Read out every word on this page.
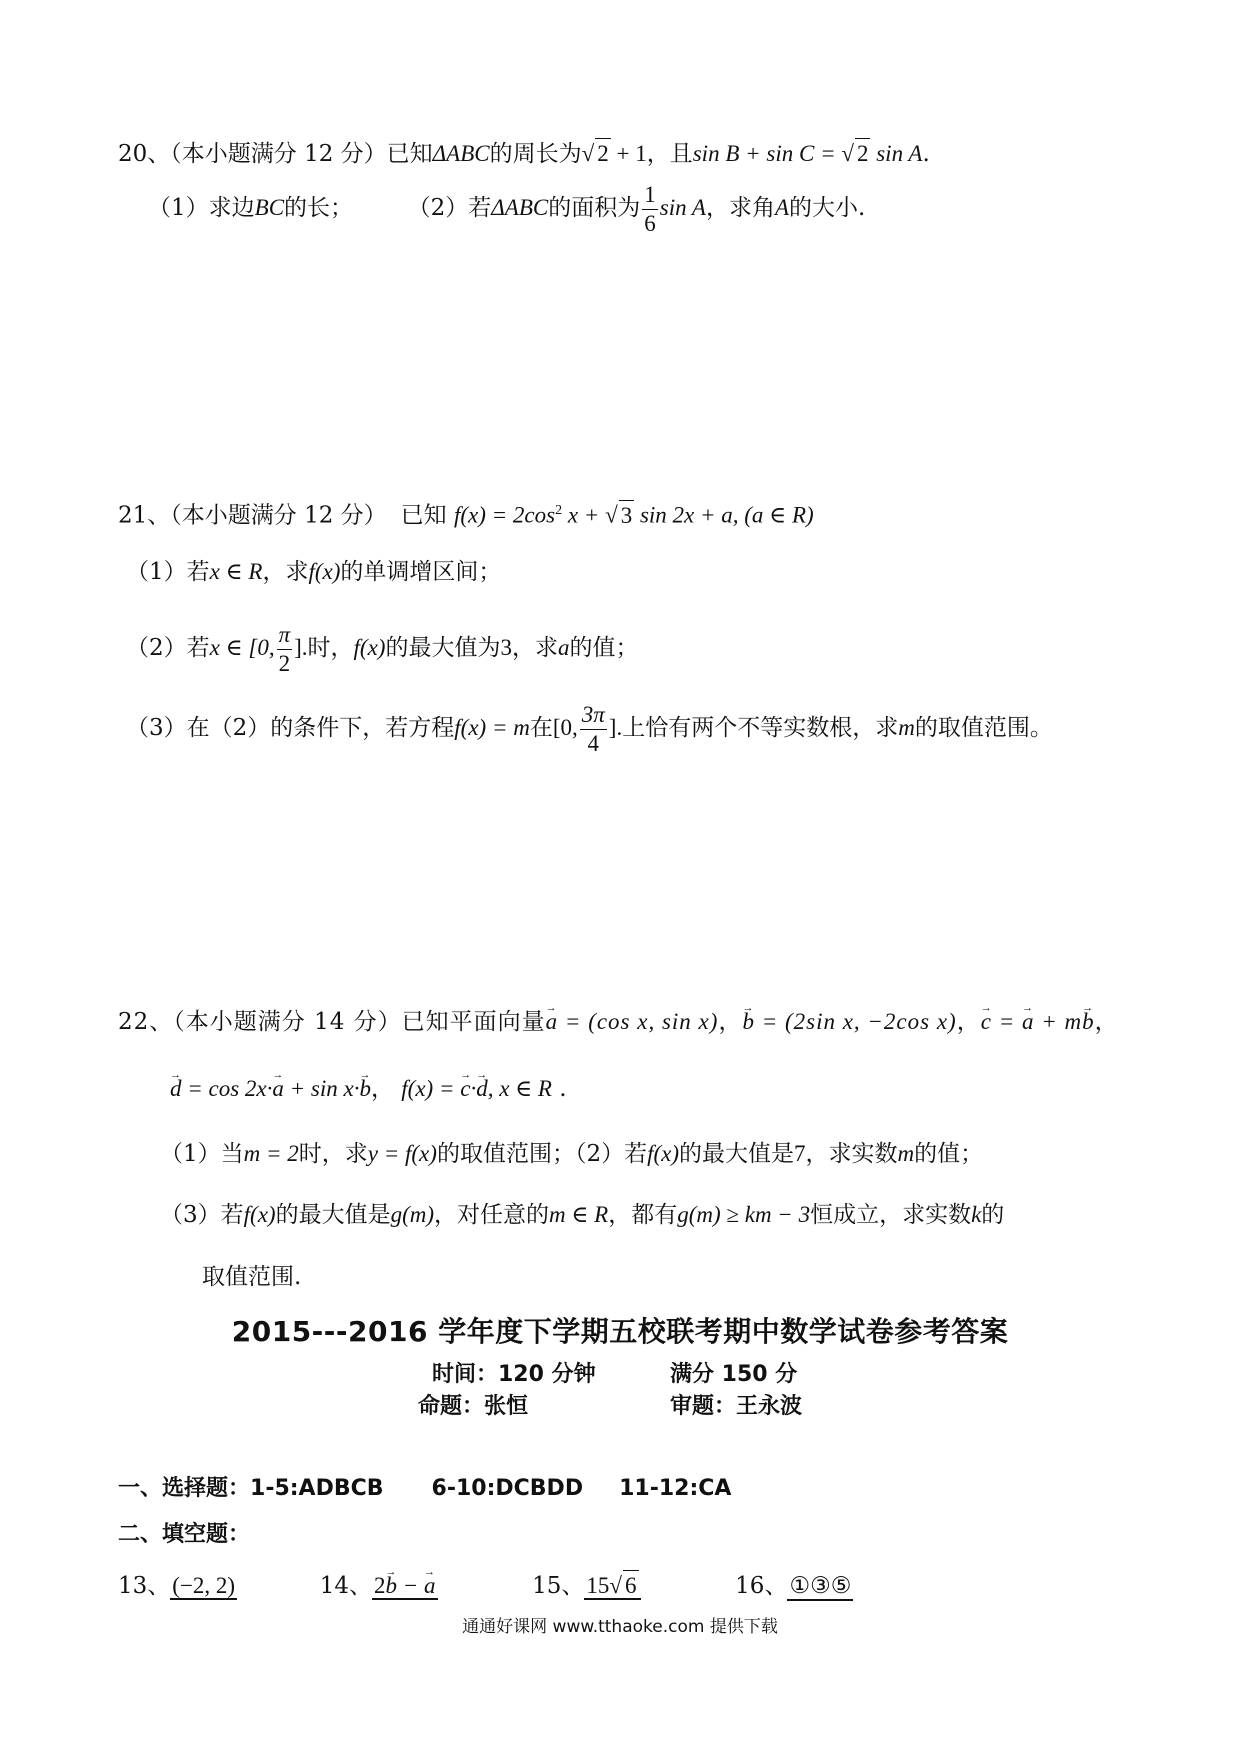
20、（本小题满分 12 分）已知ΔABC的周长为√ 2 + 1，且sin B + sin C = √ 2 sin A.
（1）求边BC的长； （2）若ΔABC的面积为 $\frac{1}{6}$ sin A，求角A的大小.
21、（本小题满分 12 分） 已知 $f(x) = 2\cos^2$ x + √ 3 sin 2x + a, (a ∈ R)
（1）若x ∈ R，求f(x)的单调增区间；
（2）若x ∈ [0, $\frac{\pi}{2}$ ].时，f(x)的最大值为3，求a的值；
（3）在（2）的条件下，若方程f(x) = m在[0, $\frac{3\pi}{4}$ ].上恰有两个不等实数根，求m的取值范围。
22、（本小题满分 14 分）已知平面向量→ a = (cos x, sin x)，→ b = (2sin x, −2cos x)，→ c = → a + m→ b，
→ d = cos 2x·→ a + sin x·→ b， f(x) = → c·→ d, x ∈ R .
（1）当m = 2时，求y = f(x)的取值范围；（2）若f(x)的最大值是7，求实数m的值；
（3）若f(x)的最大值是g(m)，对任意的m ∈ R，都有g(m) ≥ km − 3恒成立，求实数k的
取值范围.
2015---2016 学年度下学期五校联考期中数学试卷参考答案
时间：120 分钟	满分 150 分
命题：张恒	审题：王永波
一、选择题：1-5:ADBCB 6-10:DCBDD 11-12:CA
二、填空题：
13、(−2, 2)	14、2→ b − → a	15、15√ 6	16、①③⑤
通通好课网 www.tthaoke.com 提供下载
